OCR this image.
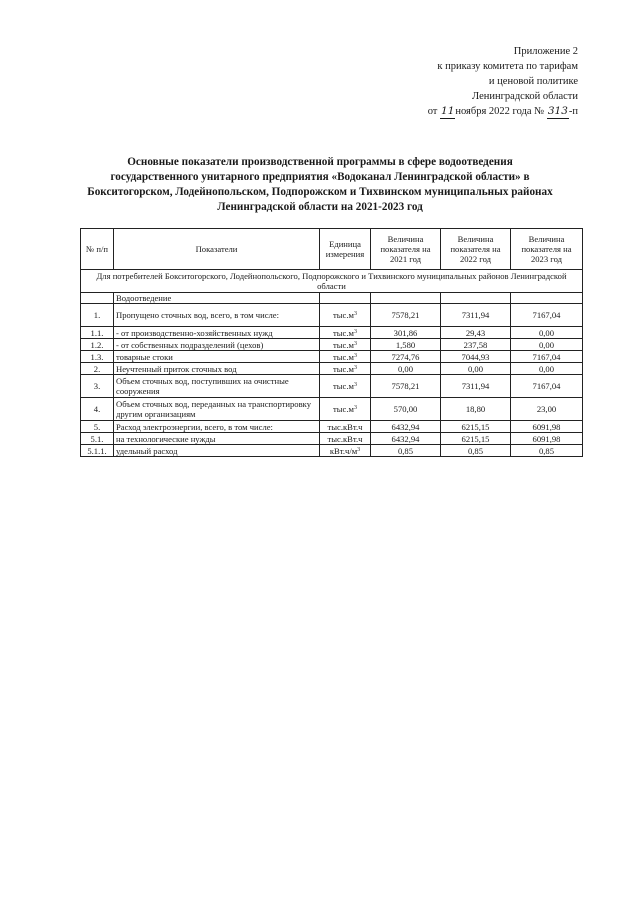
Приложение 2
к приказу комитета по тарифам
и ценовой политике
Ленинградской области
от 11ноября 2022 года № 313-п
Основные показатели производственной программы в сфере водоотведения
государственного унитарного предприятия «Водоканал Ленинградской области» в
Бокситогорском, Лодейнопольском, Подпорожском и Тихвинском муниципальных районах
Ленинградской области на 2021-2023 год
№ п/п	Показатели	Единица измерения	Величина показателя на 2021 год	Величина показателя на 2022 год	Величина показателя на 2023 год
Для потребителей Бокситогорского, Лодейнопольского, Подпорожского и Тихвинского муниципальных районов Ленинградской области					
	Водоотведение				
1.	Пропущено сточных вод, всего, в том числе:	$тыс.м^3$	7578,21	7311,94	7167,04
1.1.	- от производственно-хозяйственных нужд	$тыс.м^3$	301,86	29,43	0,00
1.2.	- от собственных подразделений (цехов)	$тыс.м^3$	1,580	237,58	0,00
1.3.	товарные стоки	$тыс.м^3$	7274,76	7044,93	7167,04
2.	Неучтенный приток сточных вод	$тыс.м^3$	0,00	0,00	0,00
3.	Объем сточных вод, поступивших на очистные сооружения	$тыс.м^3$	7578,21	7311,94	7167,04
4.	Объем сточных вод, переданных на транспортировку другим организациям	$тыс.м^3$	570,00	18,80	23,00
5.	Расход электроэнергии, всего, в том числе:	тыс.кВт.ч	6432,94	6215,15	6091,98
5.1.	на технологические нужды	тыс.кВт.ч	6432,94	6215,15	6091,98
5.1.1.	удельный расход	$кВт.ч/м^3$	0,85	0,85	0,85
